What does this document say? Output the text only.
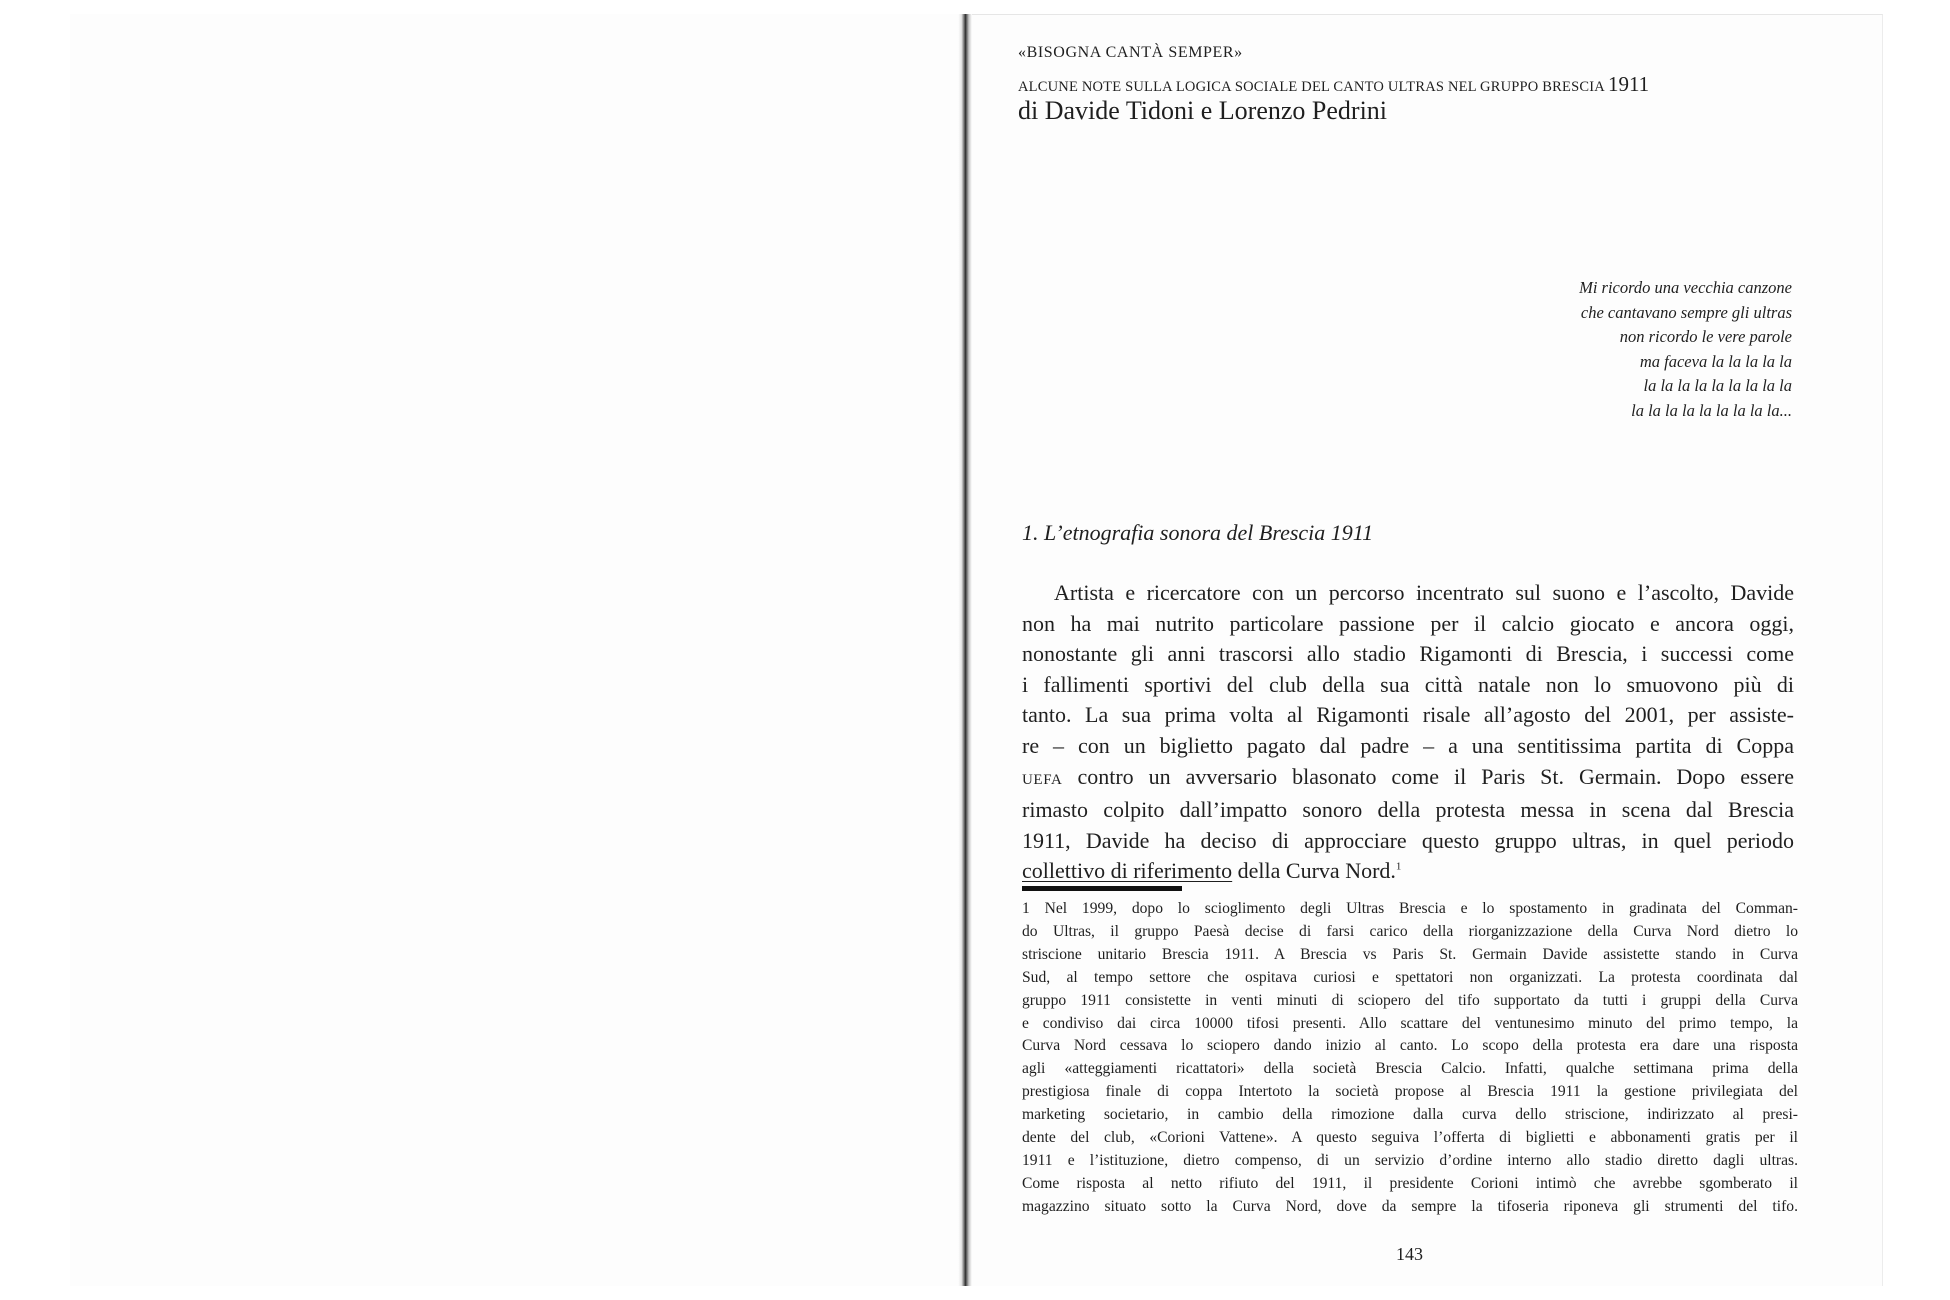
«BISOGNA CANTÀ SEMPER»
ALCUNE NOTE SULLA LOGICA SOCIALE DEL CANTO ULTRAS NEL GRUPPO BRESCIA 1911
di Davide Tidoni e Lorenzo Pedrini
Mi ricordo una vecchia canzone
che cantavano sempre gli ultras
non ricordo le vere parole
ma faceva la la la la la
la la la la la la la la la
la la la la la la la la la...
1. L’etnografia sonora del Brescia 1911
Artista e ricercatore con un percorso incentrato sul suono e l’ascolto, Davide
non ha mai nutrito particolare passione per il calcio giocato e ancora oggi,
nonostante gli anni trascorsi allo stadio Rigamonti di Brescia, i successi come
i fallimenti sportivi del club della sua città natale non lo smuovono più di
tanto. La sua prima volta al Rigamonti risale all’agosto del 2001, per assiste-
re – con un biglietto pagato dal padre – a una sentitissima partita di Coppa
UEFA contro un avversario blasonato come il Paris St. Germain. Dopo essere
rimasto colpito dall’impatto sonoro della protesta messa in scena dal Brescia
1911, Davide ha deciso di approcciare questo gruppo ultras, in quel periodo
collettivo di riferimento della Curva Nord.$^1$
1 Nel 1999, dopo lo scioglimento degli Ultras Brescia e lo spostamento in gradinata del Comman-
do Ultras, il gruppo Paesà decise di farsi carico della riorganizzazione della Curva Nord dietro lo
striscione unitario Brescia 1911. A Brescia vs Paris St. Germain Davide assistette stando in Curva
Sud, al tempo settore che ospitava curiosi e spettatori non organizzati. La protesta coordinata dal
gruppo 1911 consistette in venti minuti di sciopero del tifo supportato da tutti i gruppi della Curva
e condiviso dai circa 10000 tifosi presenti. Allo scattare del ventunesimo minuto del primo tempo, la
Curva Nord cessava lo sciopero dando inizio al canto. Lo scopo della protesta era dare una risposta
agli «atteggiamenti ricattatori» della società Brescia Calcio. Infatti, qualche settimana prima della
prestigiosa finale di coppa Intertoto la società propose al Brescia 1911 la gestione privilegiata del
marketing societario, in cambio della rimozione dalla curva dello striscione, indirizzato al presi-
dente del club, «Corioni Vattene». A questo seguiva l’offerta di biglietti e abbonamenti gratis per il
1911 e l’istituzione, dietro compenso, di un servizio d’ordine interno allo stadio diretto dagli ultras.
Come risposta al netto rifiuto del 1911, il presidente Corioni intimò che avrebbe sgomberato il
magazzino situato sotto la Curva Nord, dove da sempre la tifoseria riponeva gli strumenti del tifo.
143
